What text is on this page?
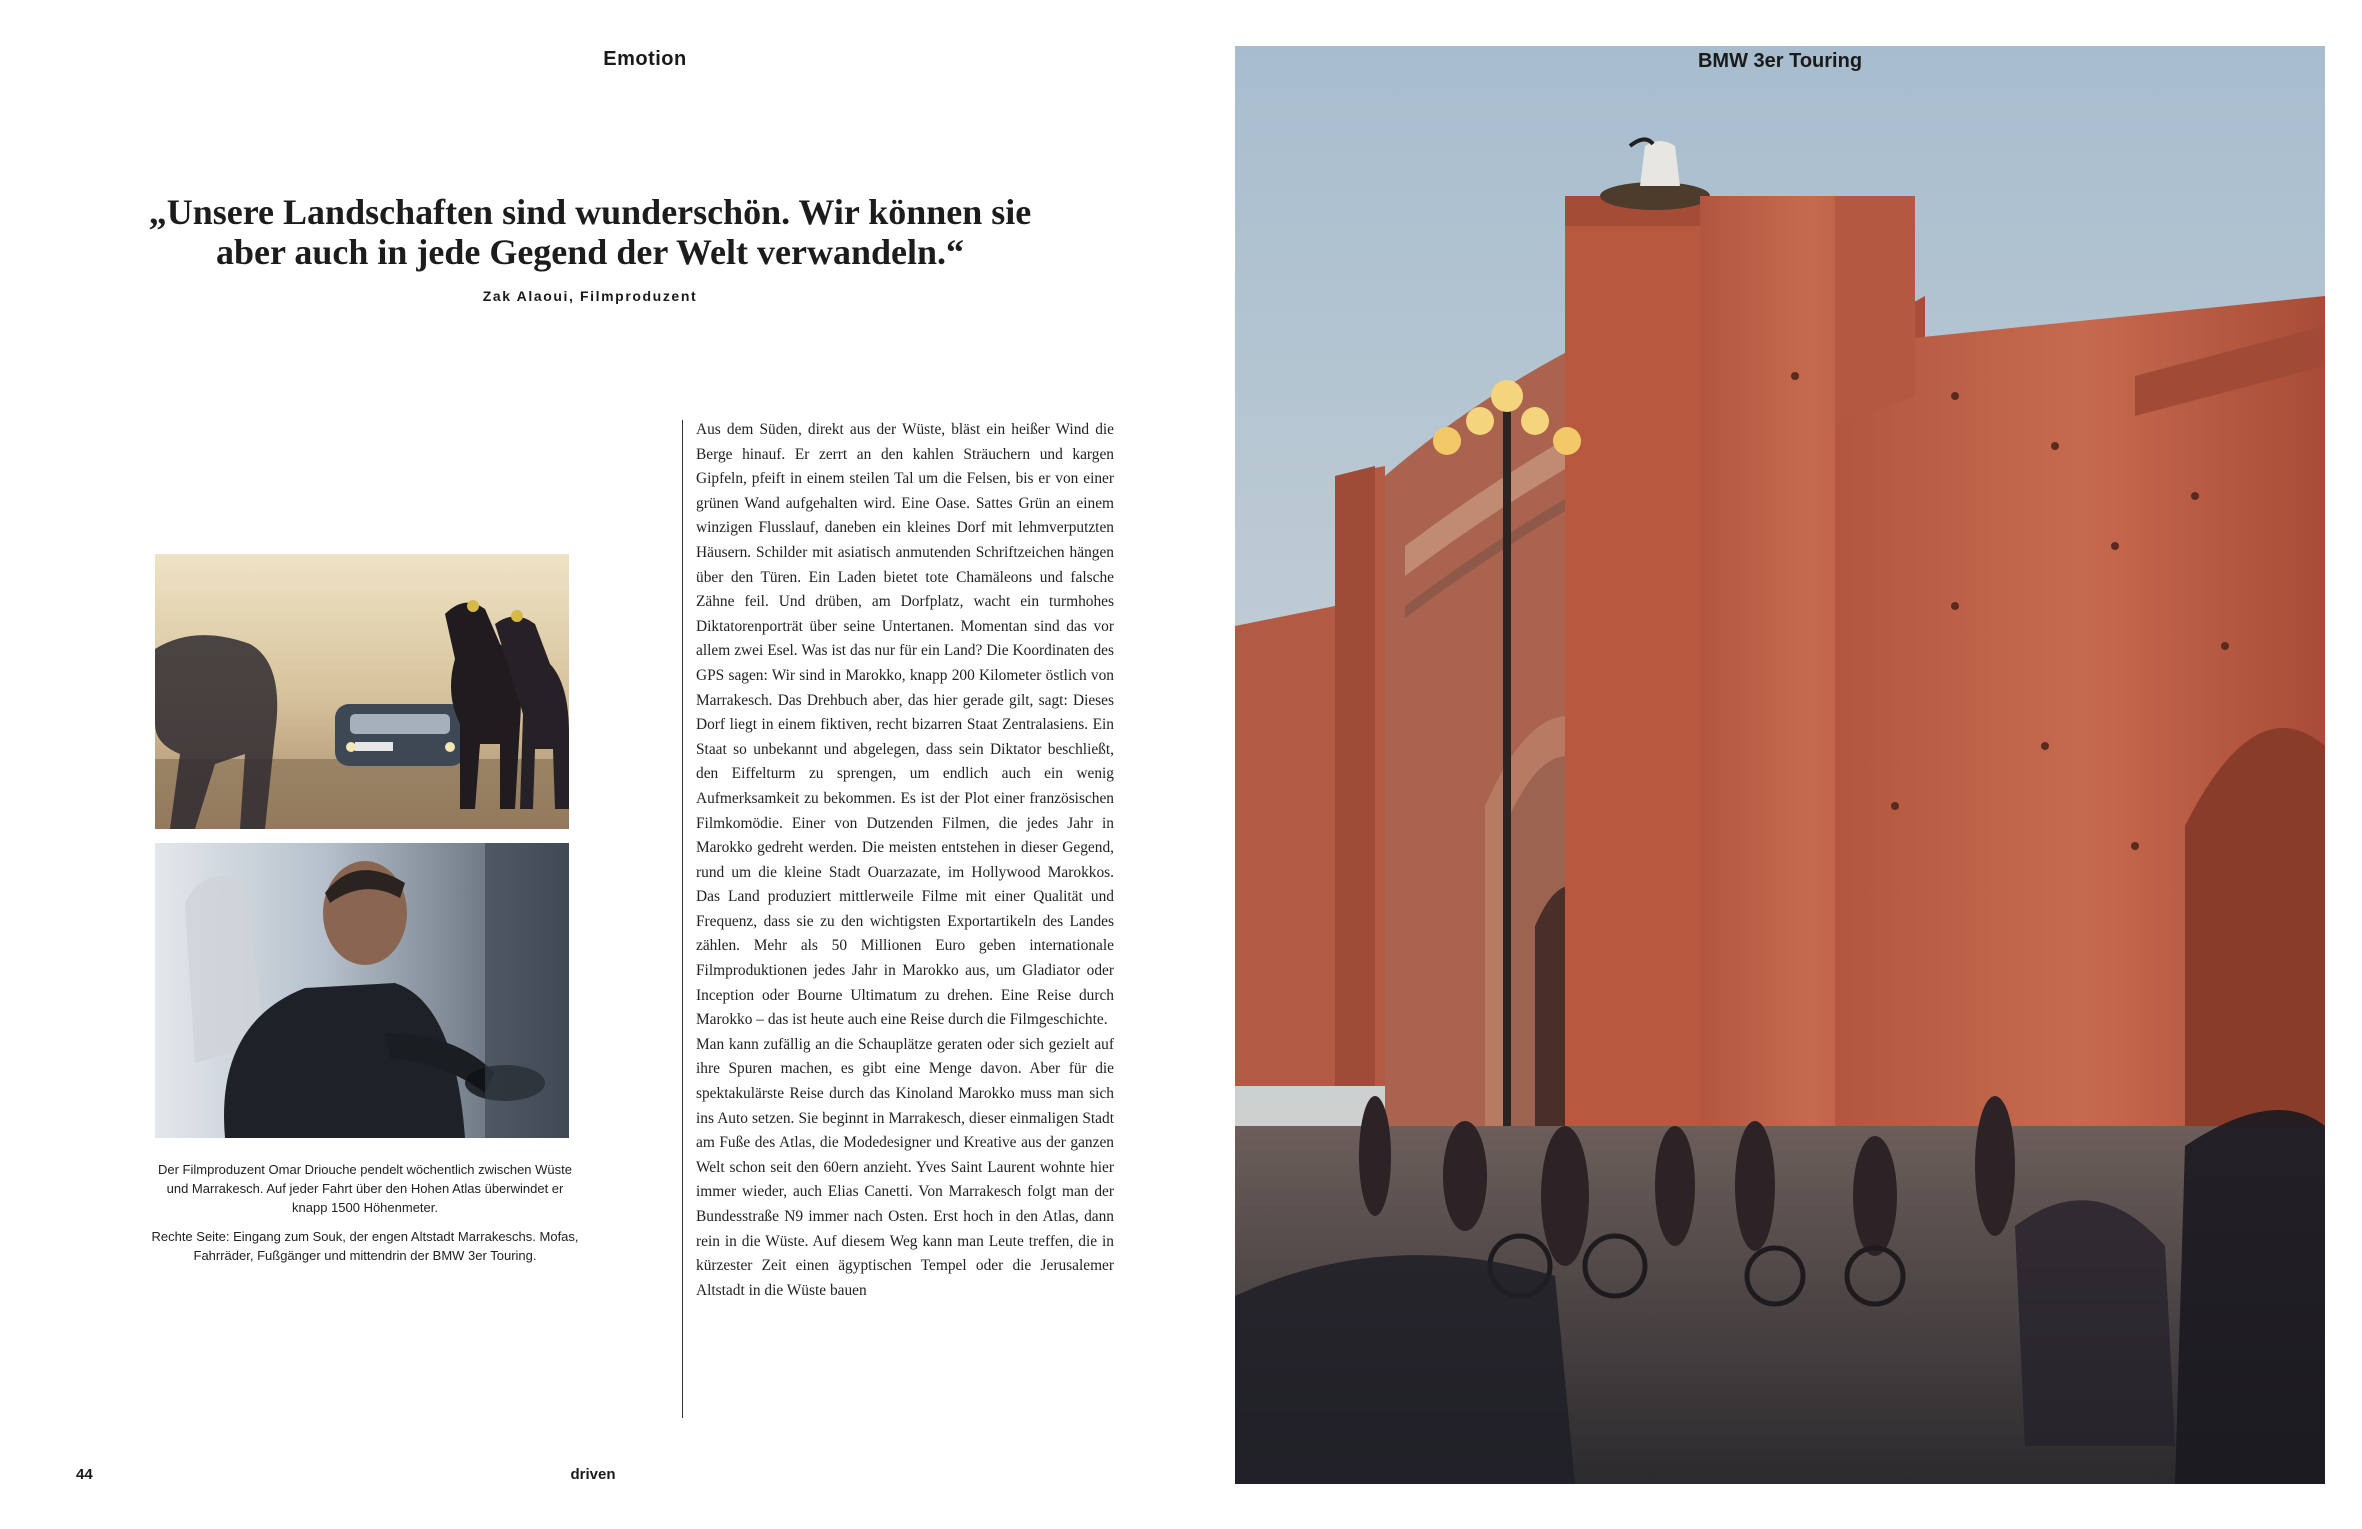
Emotion
„Unsere Landschaften sind wunderschön. Wir können sie
aber auch in jede Gegend der Welt verwandeln.“
Zak Alaoui, Filmproduzent

Der Filmproduzent Omar Driouche pendelt wöchentlich zwischen Wüste und Marrakesch. Auf jeder Fahrt über den Hohen Atlas überwindet er knapp 1500 Höhenmeter.

Rechte Seite: Eingang zum Souk, der engen Altstadt Marrakeschs. Mofas, Fahrräder, Fußgänger und mittendrin der BMW 3er Touring.

Aus dem Süden, direkt aus der Wüste, bläst ein heißer Wind die Berge hinauf. Er zerrt an den kahlen Sträuchern und kargen Gipfeln, pfeift in einem steilen Tal um die Felsen, bis er von einer grünen Wand aufgehalten wird. Eine Oase. Sattes Grün an einem winzigen Flusslauf, daneben ein kleines Dorf mit lehmverputzten Häusern. Schilder mit asiatisch anmutenden Schriftzeichen hängen über den Türen. Ein Laden bietet tote Chamäleons und falsche Zähne feil. Und drüben, am Dorfplatz, wacht ein turmhohes Diktatorenporträt über seine Untertanen. Momentan sind das vor allem zwei Esel. Was ist das nur für ein Land? Die Koordinaten des GPS sagen: Wir sind in Marokko, knapp 200 Kilometer östlich von Marrakesch. Das Drehbuch aber, das hier gerade gilt, sagt: Dieses Dorf liegt in einem fiktiven, recht bizarren Staat Zentralasiens. Ein Staat so unbekannt und abgelegen, dass sein Diktator beschließt, den Eiffelturm zu sprengen, um endlich auch ein wenig Aufmerksamkeit zu bekommen. Es ist der Plot einer französischen Filmkomödie. Einer von Dutzenden Filmen, die jedes Jahr in Marokko gedreht werden. Die meisten entstehen in dieser Gegend, rund um die kleine Stadt Ouarzazate, im Hollywood Marokkos. Das Land produziert mittlerweile Filme mit einer Qualität und Frequenz, dass sie zu den wichtigsten Exportartikeln des Landes zählen. Mehr als 50 Millionen Euro geben internationale Filmproduktionen jedes Jahr in Marokko aus, um Gladiator oder Inception oder Bourne Ultimatum zu drehen. Eine Reise durch Marokko – das ist heute auch eine Reise durch die Filmgeschichte.

Man kann zufällig an die Schauplätze geraten oder sich gezielt auf ihre Spuren machen, es gibt eine Menge davon. Aber für die spektakulärste Reise durch das Kinoland Marokko muss man sich ins Auto setzen. Sie beginnt in Marrakesch, dieser einmaligen Stadt am Fuße des Atlas, die Modedesigner und Kreative aus der ganzen Welt schon seit den 60ern anzieht. Yves Saint Laurent wohnte hier immer wieder, auch Elias Canetti. Von Marrakesch folgt man der Bundesstraße N9 immer nach Osten. Erst hoch in den Atlas, dann rein in die Wüste. Auf diesem Weg kann man Leute treffen, die in kürzester Zeit einen ägyptischen Tempel oder die Jerusalemer Altstadt in die Wüste bauen

44	driven
BMW 3er Touring
